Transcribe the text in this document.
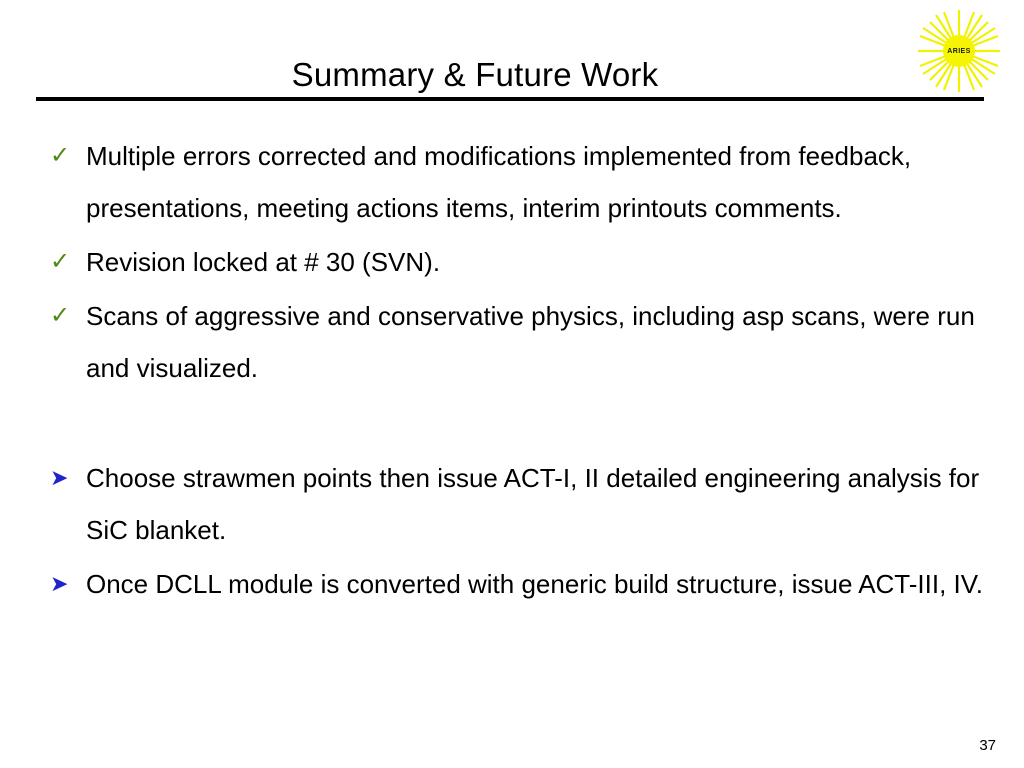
Summary & Future Work
ARIES
✓ Multiple errors corrected and modifications implemented from feedback, presentations, meeting actions items, interim printouts comments.
✓ Revision locked at # 30 (SVN).
✓ Scans of aggressive and conservative physics, including asp scans, were run and visualized.
➤ Choose strawmen points then issue ACT-I, II detailed engineering analysis for SiC blanket.
➤ Once DCLL module is converted with generic build structure, issue ACT-III, IV.
37
